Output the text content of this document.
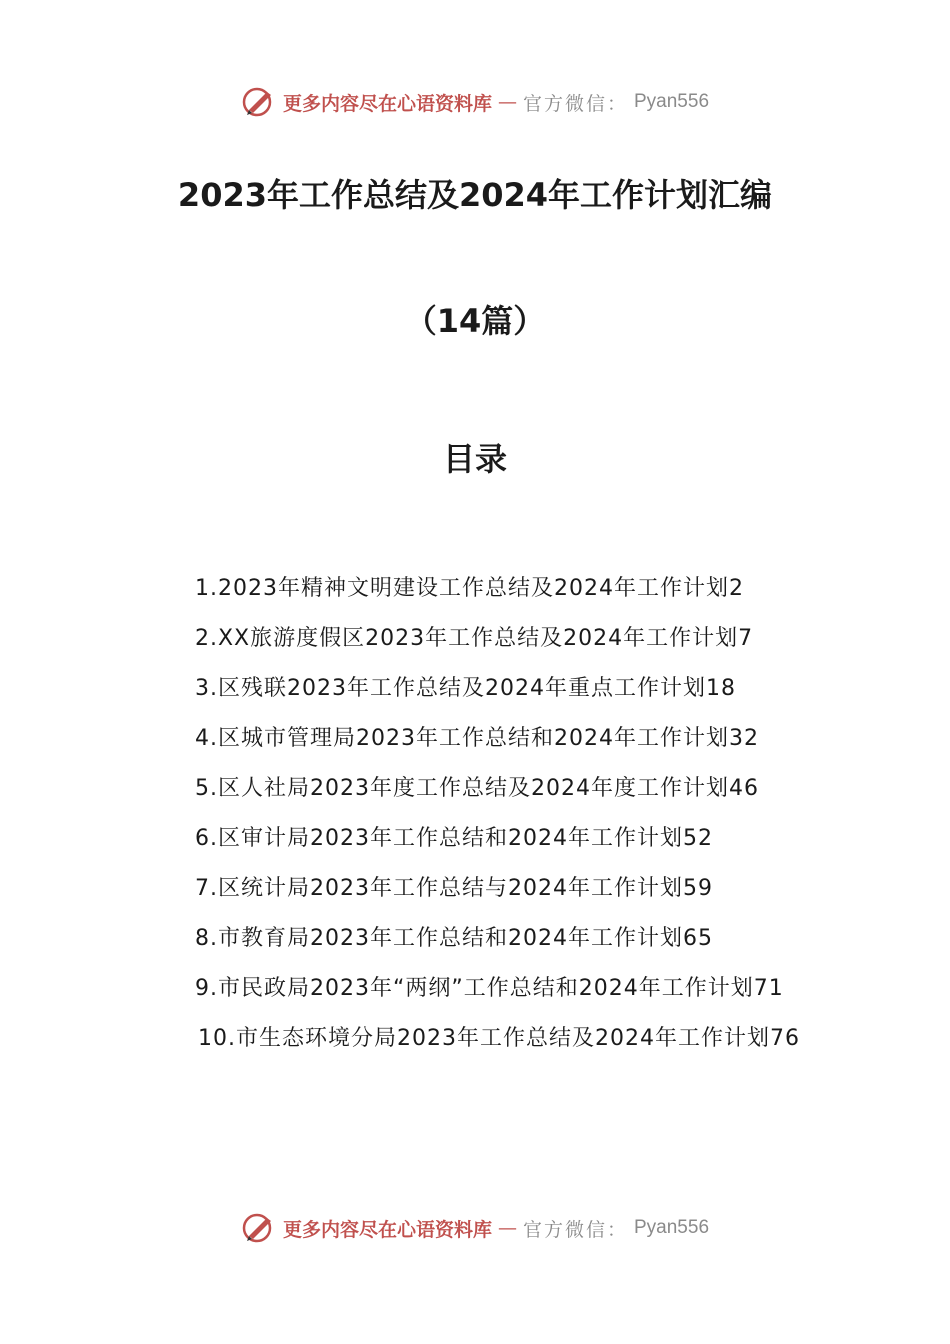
更多内容尽在心语资料库 — 官方微信： Pyan556
2023年工作总结及2024年工作计划汇编
（14篇）
目录
1.2023年精神文明建设工作总结及2024年工作计划2
2.XX旅游度假区2023年工作总结及2024年工作计划7
3.区残联2023年工作总结及2024年重点工作计划18
4.区城市管理局2023年工作总结和2024年工作计划32
5.区人社局2023年度工作总结及2024年度工作计划46
6.区审计局2023年工作总结和2024年工作计划52
7.区统计局2023年工作总结与2024年工作计划59
8.市教育局2023年工作总结和2024年工作计划65
9.市民政局2023年“两纲”工作总结和2024年工作计划71
10.市生态环境分局2023年工作总结及2024年工作计划76
更多内容尽在心语资料库 — 官方微信： Pyan556
